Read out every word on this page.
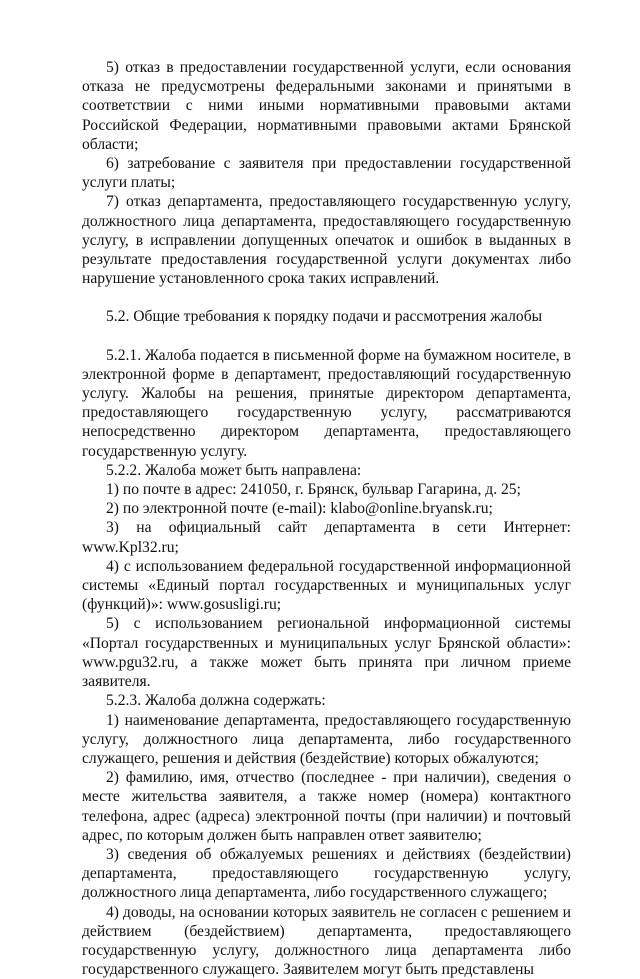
5) отказ в предоставлении государственной услуги, если основания отказа не предусмотрены федеральными законами и принятыми в соответствии с ними иными нормативными правовыми актами Российской Федерации, нормативными правовыми актами Брянской области;

6) затребование с заявителя при предоставлении государственной услуги платы;

7) отказ департамента, предоставляющего государственную услугу, должностного лица департамента, предоставляющего государственную услугу, в исправлении допущенных опечаток и ошибок в выданных в результате предоставления государственной услуги документах либо нарушение установленного срока таких исправлений.

5.2. Общие требования к порядку подачи и рассмотрения жалобы

5.2.1. Жалоба подается в письменной форме на бумажном носителе, в электронной форме в департамент, предоставляющий государственную услугу. Жалобы на решения, принятые директором департамента, предоставляющего государственную услугу, рассматриваются непосредственно директором департамента, предоставляющего государственную услугу.

5.2.2. Жалоба может быть направлена:

1) по почте в адрес: 241050, г. Брянск, бульвар Гагарина, д. 25;

2) по электронной почте (e-mail): klabo@online.bryansk.ru;

3) на официальный сайт департамента в сети Интернет: www.Kpl32.ru;

4) с использованием федеральной государственной информационной системы «Единый портал государственных и муниципальных услуг (функций)»: www.gosusligi.ru;

5) с использованием региональной информационной системы «Портал государственных и муниципальных услуг Брянской области»: www.pgu32.ru, а также может быть принята при личном приеме заявителя.

5.2.3. Жалоба должна содержать:

1) наименование департамента, предоставляющего государственную услугу, должностного лица департамента, либо государственного служащего, решения и действия (бездействие) которых обжалуются;

2) фамилию, имя, отчество (последнее - при наличии), сведения о месте жительства заявителя, а также номер (номера) контактного телефона, адрес (адреса) электронной почты (при наличии) и почтовый адрес, по которым должен быть направлен ответ заявителю;

3) сведения об обжалуемых решениях и действиях (бездействии) департамента, предоставляющего государственную услугу, должностного лица департамента, либо государственного служащего;

4) доводы, на основании которых заявитель не согласен с решением и действием (бездействием) департамента, предоставляющего государственную услугу, должностного лица департамента либо государственного служащего. Заявителем могут быть представлены
